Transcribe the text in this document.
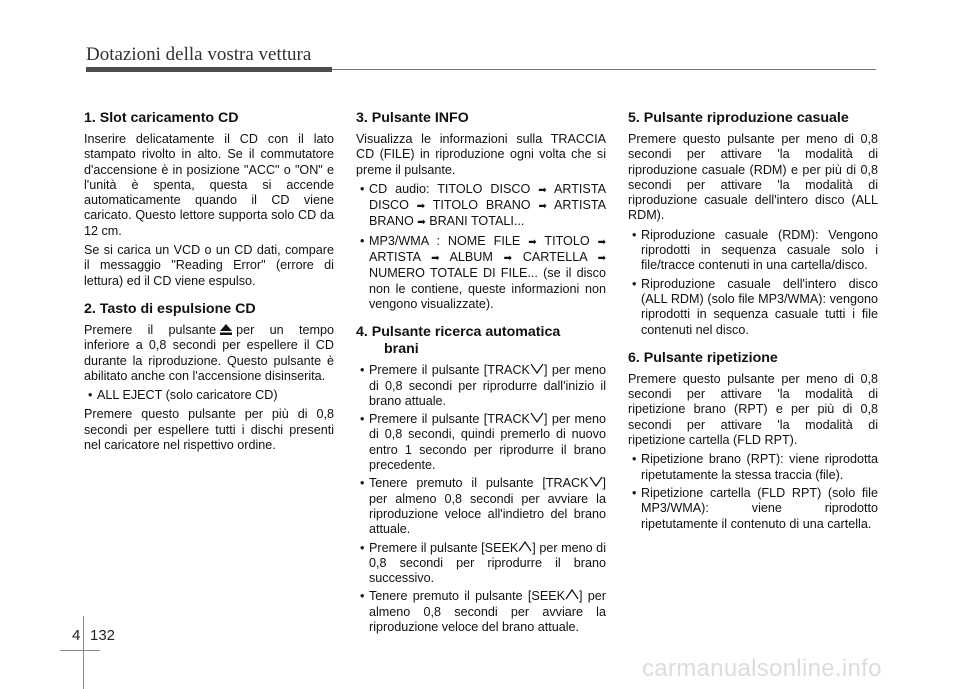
Dotazioni della vostra vettura
1. Slot caricamento CD

Inserire delicatamente il CD con il lato stampato rivolto in alto. Se il commutatore d'accensione è in posizione "ACC" o "ON" e l'unità è spenta, questa si accende automaticamente quando il CD viene caricato. Questo lettore supporta solo CD da 12 cm.

Se si carica un VCD o un CD dati, compare il messaggio "Reading Error" (errore di lettura) ed il CD viene espulso.

2. Tasto di espulsione CD

Premere il pulsante per un tempo inferiore a 0,8 secondi per espellere il CD durante la riproduzione. Questo pulsante è abilitato anche con l'accensione disinserita.

• ALL EJECT (solo caricatore CD)

Premere questo pulsante per più di 0,8 secondi per espellere tutti i dischi presenti nel caricatore nel rispettivo ordine.

3. Pulsante INFO

Visualizza le informazioni sulla TRACCIA CD (FILE) in riproduzione ogni volta che si preme il pulsante.

• CD audio: TITOLO DISCO ➡ ARTISTA DISCO ➡ TITOLO BRANO ➡ ARTISTA BRANO ➡ BRANI TOTALI...
• MP3/WMA : NOME FILE ➡ TITOLO ➡ ARTISTA ➡ ALBUM ➡ CARTELLA ➡ NUMERO TOTALE DI FILE... (se il disco non le contiene, queste informazioni non vengono visualizzate).
4. Pulsante ricerca automatica
brani
• Premere il pulsante [TRACK ] per meno di 0,8 secondi per riprodurre dall'inizio il brano attuale.
• Premere il pulsante [TRACK ] per meno di 0,8 secondi, quindi premerlo di nuovo entro 1 secondo per riprodurre il brano precedente.
• Tenere premuto il pulsante [TRACK ] per almeno 0,8 secondi per avviare la riproduzione veloce all'indietro del brano attuale.
• Premere il pulsante [SEEK ] per meno di 0,8 secondi per riprodurre il brano successivo.
• Tenere premuto il pulsante [SEEK ] per almeno 0,8 secondi per avviare la riproduzione veloce del brano attuale.
5. Pulsante riproduzione casuale

Premere questo pulsante per meno di 0,8 secondi per attivare 'la modalità di riproduzione casuale (RDM) e per più di 0,8 secondi per attivare 'la modalità di riproduzione casuale dell'intero disco (ALL RDM).

• Riproduzione casuale (RDM): Vengono riprodotti in sequenza casuale solo i file/tracce contenuti in una cartella/disco.
• Riproduzione casuale dell'intero disco (ALL RDM) (solo file MP3/WMA): vengono riprodotti in sequenza casuale tutti i file contenuti nel disco.
6. Pulsante ripetizione

Premere questo pulsante per meno di 0,8 secondi per attivare 'la modalità di ripetizione brano (RPT) e per più di 0,8 secondi per attivare 'la modalità di ripetizione cartella (FLD RPT).

• Ripetizione brano (RPT): viene riprodotta ripetutamente la stessa traccia (file).
• Ripetizione cartella (FLD RPT) (solo file MP3/WMA): viene riprodotto ripetutamente il contenuto di una cartella.
4 132
carmanualsonline.info
